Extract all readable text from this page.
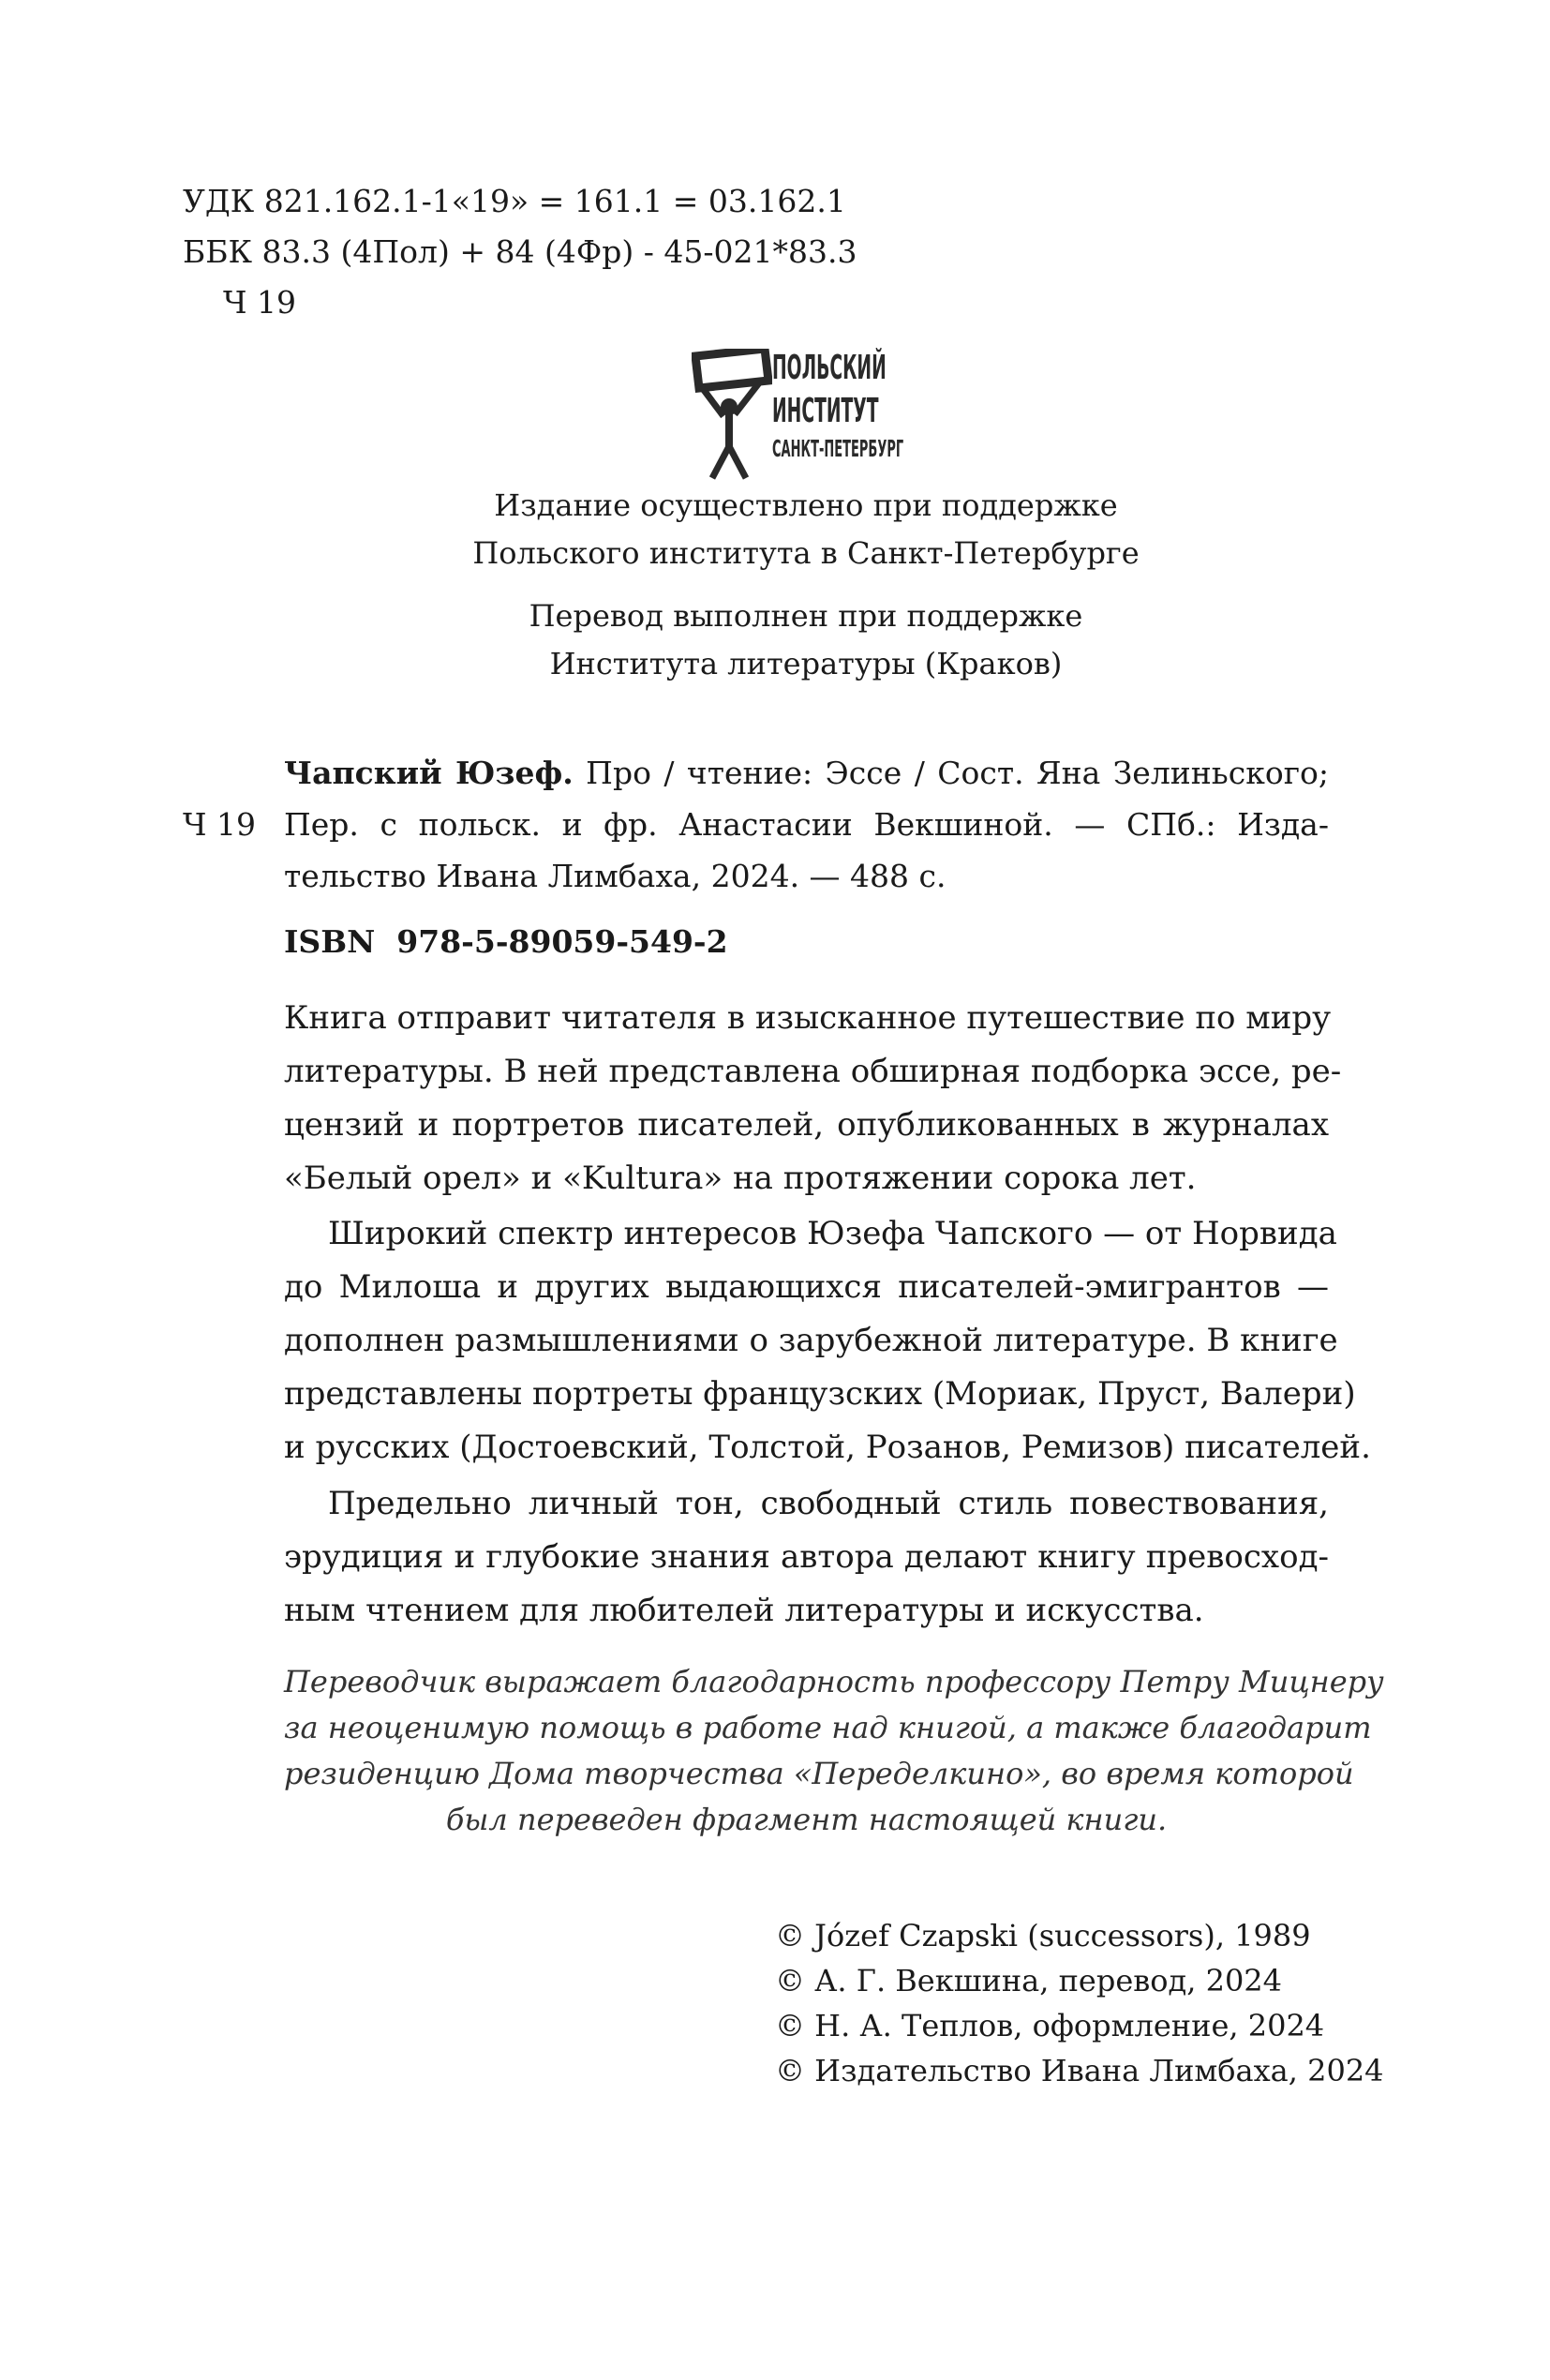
УДК 821.162.1-1«19» = 161.1 = 03.162.1
ББК 83.3 (4Пол) + 84 (4Фр) - 45-021*83.3
Ч 19
ПОЛЬСКИЙ
ИНСТИТУТ
САНКТ-ПЕТЕРБУРГ
Издание осуществлено при поддержке
Польского института в Санкт-Петербурге
Перевод выполнен при поддержке
Института литературы (Краков)
Ч 19
Чапский Юзеф. Про / чтение: Эссе / Сост. Яна Зелиньского;
Пер. с польск. и фр. Анастасии Векшиной. — СПб.: Изда-
тельство Ивана Лимбаха, 2024. — 488 с.
ISBN  978-5-89059-549-2
Книга отправит читателя в изысканное путешествие по миру
литературы. В ней представлена обширная подборка эссе, ре-
цензий и портретов писателей, опубликованных в журналах
«Белый орел» и «Kultura» на протяжении сорока лет.
Широкий спектр интересов Юзефа Чапского — от Норвида
до Милоша и других выдающихся писателей-эмигрантов —
дополнен размышлениями о зарубежной литературе. В книге
представлены портреты французских (Мориак, Пруст, Валери)
и русских (Достоевский, Толстой, Розанов, Ремизов) писателей.
Предельно личный тон, свободный стиль повествования,
эрудиция и глубокие знания автора делают книгу превосход-
ным чтением для любителей литературы и искусства.
Переводчик выражает благодарность профессору Петру Мицнеру
за неоценимую помощь в работе над книгой, а также благодарит
резиденцию Дома творчества «Переделкино», во время которой
был переведен фрагмент настоящей книги.
© Józef Czapski (successors), 1989
© А. Г. Векшина, перевод, 2024
© Н. А. Теплов, оформление, 2024
© Издательство Ивана Лимбаха, 2024
